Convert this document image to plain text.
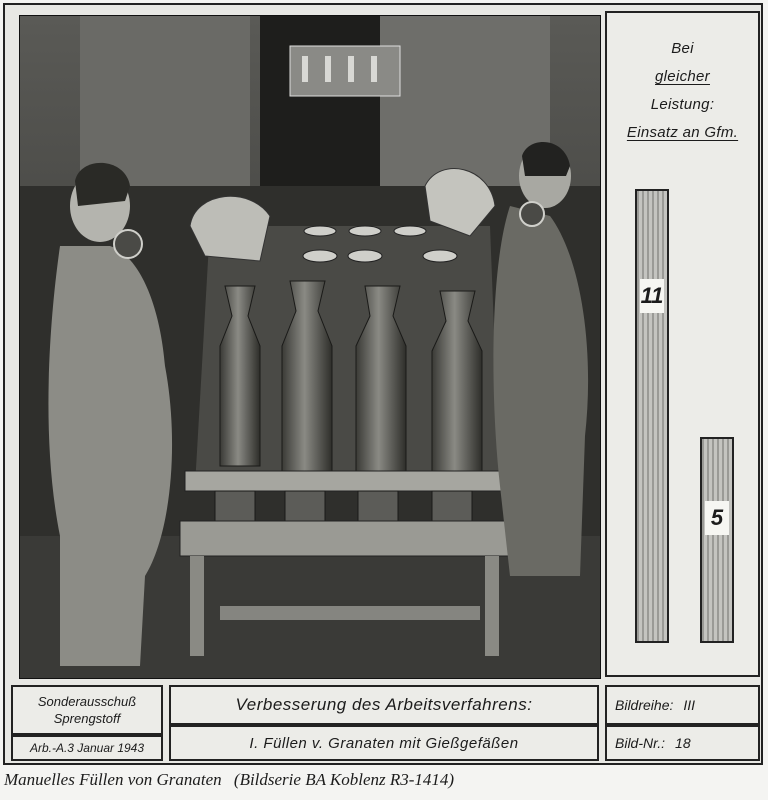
Bei
gleicher
Leistung:
Einsatz an Gfm.
11
5
Sonderausschuß
Sprengstoff
Arb.-A.3 Januar 1943
Verbesserung des Arbeitsverfahrens:
I. Füllen v. Granaten mit Gießgefäßen
Bildreihe: III
Bild-Nr.: 18
Manuelles Füllen von Granaten (Bildserie BA Koblenz R3-1414)
